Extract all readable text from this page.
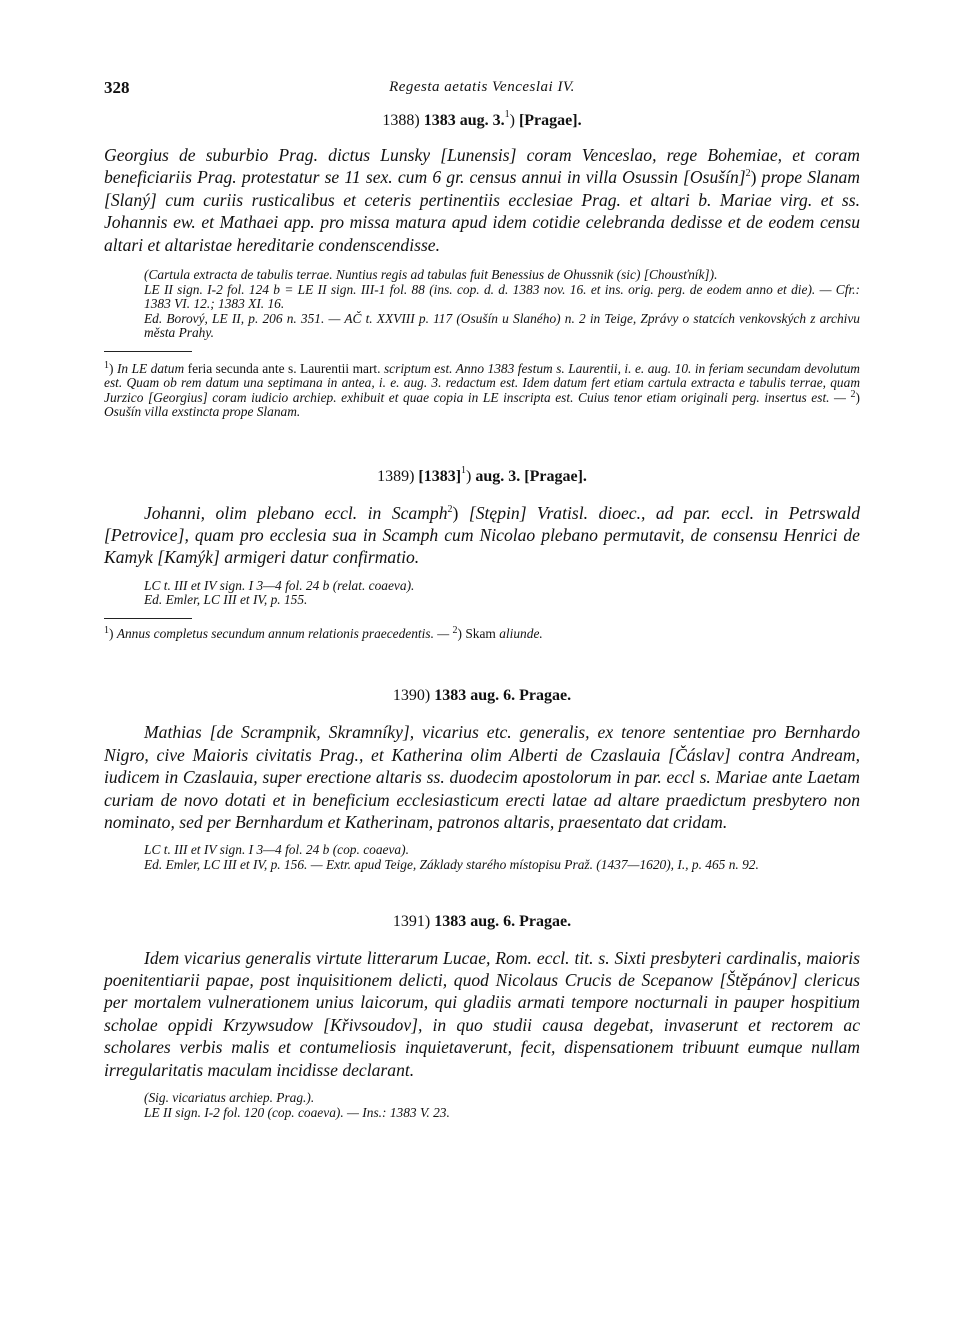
328	Regesta aetatis Venceslai IV.

1388) 1383 aug. 3.$^1$) [Pragae].

Georgius de suburbio Prag. dictus Lunsky [Lunensis] coram Venceslao, rege Bohemiae, et coram beneficiariis Prag. protestatur se 11 sex. cum 6 gr. census annui in villa Osussin [Osušín]$^2$) prope Slanam [Slaný] cum curiis rusticalibus et ceteris pertinentiis ecclesiae Prag. et altari b. Mariae virg. et ss. Johannis ew. et Mathaei app. pro missa matura apud idem cotidie celebranda dedisse et de eodem censu altari et altaristae hereditarie condenscendisse.

(Cartula extracta de tabulis terrae. Nuntius regis ad tabulas fuit Benessius de Ohussnik (sic) [Chousťník]).
LE II sign. I-2 fol. 124 b = LE II sign. III-1 fol. 88 (ins. cop. d. d. 1383 nov. 16. et ins. orig. perg. de eodem anno et die). — Cfr.: 1383 VI. 12.; 1383 XI. 16.
Ed. Borový, LE II, p. 206 n. 351. — AČ t. XXVIII p. 117 (Osušín u Slaného) n. 2 in Teige, Zprávy o statcích venkovských z archivu města Prahy.

$^1$) In LE datum feria secunda ante s. Laurentii mart. scriptum est. Anno 1383 festum s. Laurentii, i. e. aug. 10. in feriam secundam devolutum est. Quam ob rem datum una septimana in antea, i. e. aug. 3. redactum est. Idem datum fert etiam cartula extracta e tabulis terrae, quam Jurzico [Georgius] coram iudicio archiep. exhibuit et quae copia in LE inscripta est. Cuius tenor etiam originali perg. insertus est. — $^2$) Osušín villa exstincta prope Slanam.

1389) $[1383]^1$) aug. 3. [Pragae].

Johanni, olim plebano eccl. in Scamph$^2$) [Stępin] Vratisl. dioec., ad par. eccl. in Petrswald [Petrovice], quam pro ecclesia sua in Scamph cum Nicolao plebano permutavit, de consensu Henrici de Kamyk [Kamýk] armigeri datur confirmatio.

LC t. III et IV sign. I 3—4 fol. 24 b (relat. coaeva).
Ed. Emler, LC III et IV, p. 155.

$^1$) Annus completus secundum annum relationis praecedentis. — $^2$) Skam aliunde.

1390) 1383 aug. 6. Pragae.

Mathias [de Scrampnik, Skramníky], vicarius etc. generalis, ex tenore sententiae pro Bernhardo Nigro, cive Maioris civitatis Prag., et Katherina olim Alberti de Czaslauia [Čáslav] contra Andream, iudicem in Czaslauia, super erectione altaris ss. duodecim apostolorum in par. eccl s. Mariae ante Laetam curiam de novo dotati et in beneficium ecclesiasticum erecti latae ad altare praedictum presbytero non nominato, sed per Bernhardum et Katherinam, patronos altaris, praesentato dat cridam.

LC t. III et IV sign. I 3—4 fol. 24 b (cop. coaeva).
Ed. Emler, LC III et IV, p. 156. — Extr. apud Teige, Základy starého místopisu Praž. (1437—1620), I., p. 465 n. 92.

1391) 1383 aug. 6. Pragae.

Idem vicarius generalis virtute litterarum Lucae, Rom. eccl. tit. s. Sixti presbyteri cardinalis, maioris poenitentiarii papae, post inquisitionem delicti, quod Nicolaus Crucis de Scepanow [Štěpánov] clericus per mortalem vulnerationem unius laicorum, qui gladiis armati tempore nocturnali in pauper hospitium scholae oppidi Krzywsudow [Křivsoudov], in quo studii causa degebat, invaserunt et rectorem ac scholares verbis malis et contumeliosis inquietaverunt, fecit, dispensationem tribuunt eumque nullam irregularitatis maculam incidisse declarant.

(Sig. vicariatus archiep. Prag.).
LE II sign. I-2 fol. 120 (cop. coaeva). — Ins.: 1383 V. 23.
